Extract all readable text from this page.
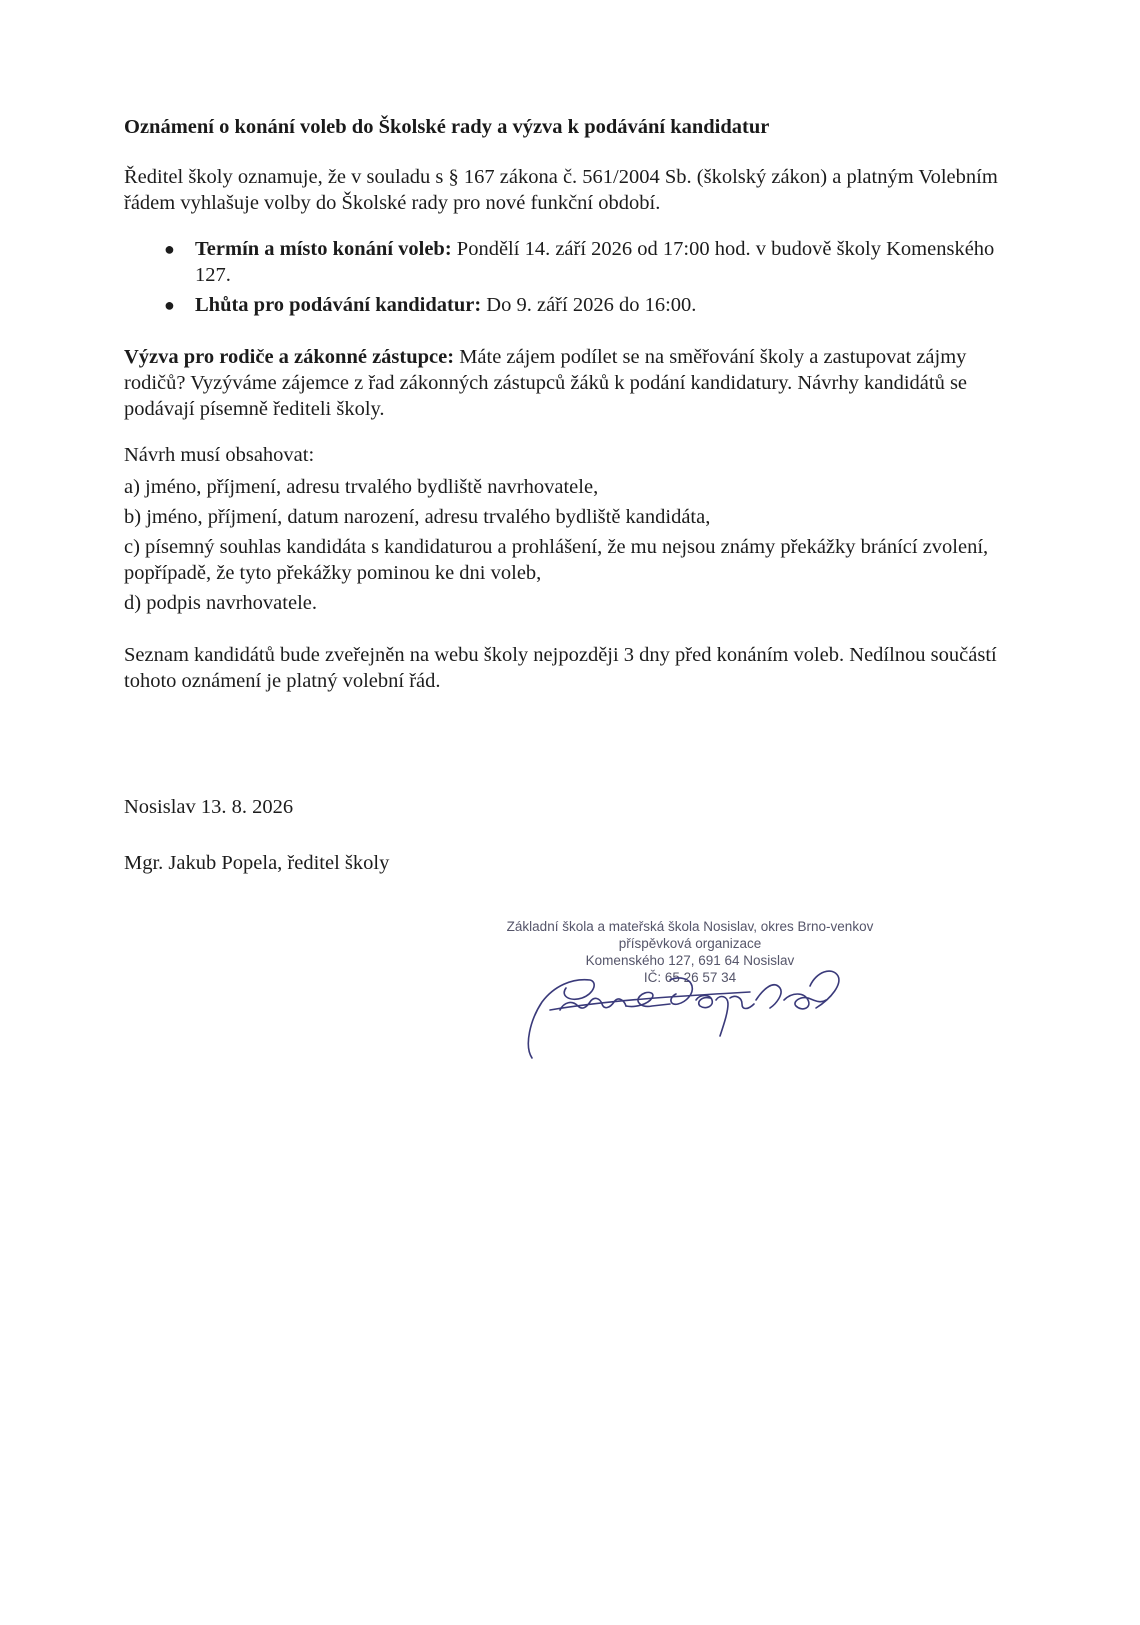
Oznámení o konání voleb do Školské rady a výzva k podávání kandidatur

Ředitel školy oznamuje, že v souladu s § 167 zákona č. 561/2004 Sb. (školský zákon) a platným Volebním řádem vyhlašuje volby do Školské rady pro nové funkční období.

● Termín a místo konání voleb: Pondělí 14. září 2026 od 17:00 hod. v budově školy Komenského 127.
● Lhůta pro podávání kandidatur: Do 9. září 2026 do 16:00.

Výzva pro rodiče a zákonné zástupce: Máte zájem podílet se na směřování školy a zastupovat zájmy rodičů? Vyzýváme zájemce z řad zákonných zástupců žáků k podání kandidatury. Návrhy kandidátů se podávají písemně řediteli školy.

Návrh musí obsahovat:
a) jméno, příjmení, adresu trvalého bydliště navrhovatele,
b) jméno, příjmení, datum narození, adresu trvalého bydliště kandidáta,
c) písemný souhlas kandidáta s kandidaturou a prohlášení, že mu nejsou známy překážky bránící zvolení, popřípadě, že tyto překážky pominou ke dni voleb,
d) podpis navrhovatele.

Seznam kandidátů bude zveřejněn na webu školy nejpozději 3 dny před konáním voleb. Nedílnou součástí tohoto oznámení je platný volební řád.

Nosislav 13. 8. 2026
Mgr. Jakub Popela, ředitel školy
Základní škola a mateřská škola Nosislav, okres Brno-venkov
příspěvková organizace
Komenského 127, 691 64 Nosislav
IČ: 65 26 57 34
